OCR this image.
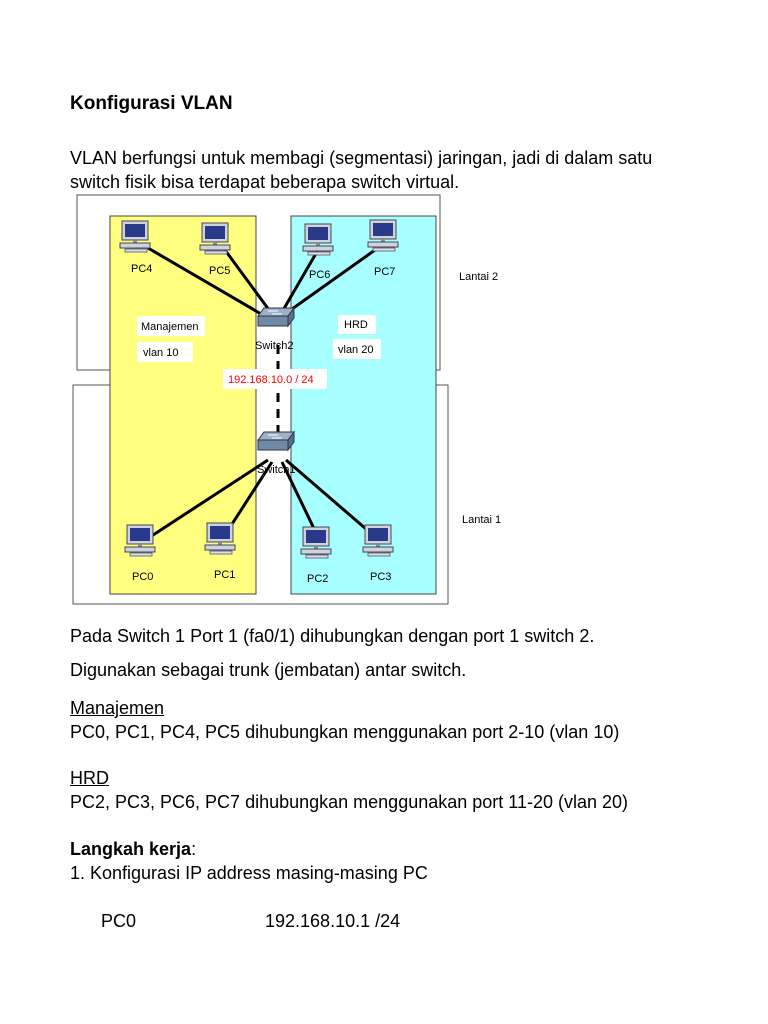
Konfigurasi VLAN
VLAN berfungsi untuk membagi (segmentasi) jaringan, jadi di dalam satu
switch fisik bisa terdapat beberapa switch virtual.
PC4	PC5	PC6	PC7
PC0	PC1	PC2	PC3
Switch2
Switch1
Manajemen
vlan 10
HRD
vlan 20
Lantai 2
Lantai 1
192.168.10.0 / 24
Pada Switch 1 Port 1 (fa0/1) dihubungkan dengan port 1 switch 2.
Digunakan sebagai trunk (jembatan) antar switch.
Manajemen
PC0, PC1, PC4, PC5 dihubungkan menggunakan port 2-10 (vlan 10)
HRD
PC2, PC3, PC6, PC7 dihubungkan menggunakan port 11-20 (vlan 20)
Langkah kerja:
1. Konfigurasi IP address masing-masing PC
PC0	192.168.10.1 /24
